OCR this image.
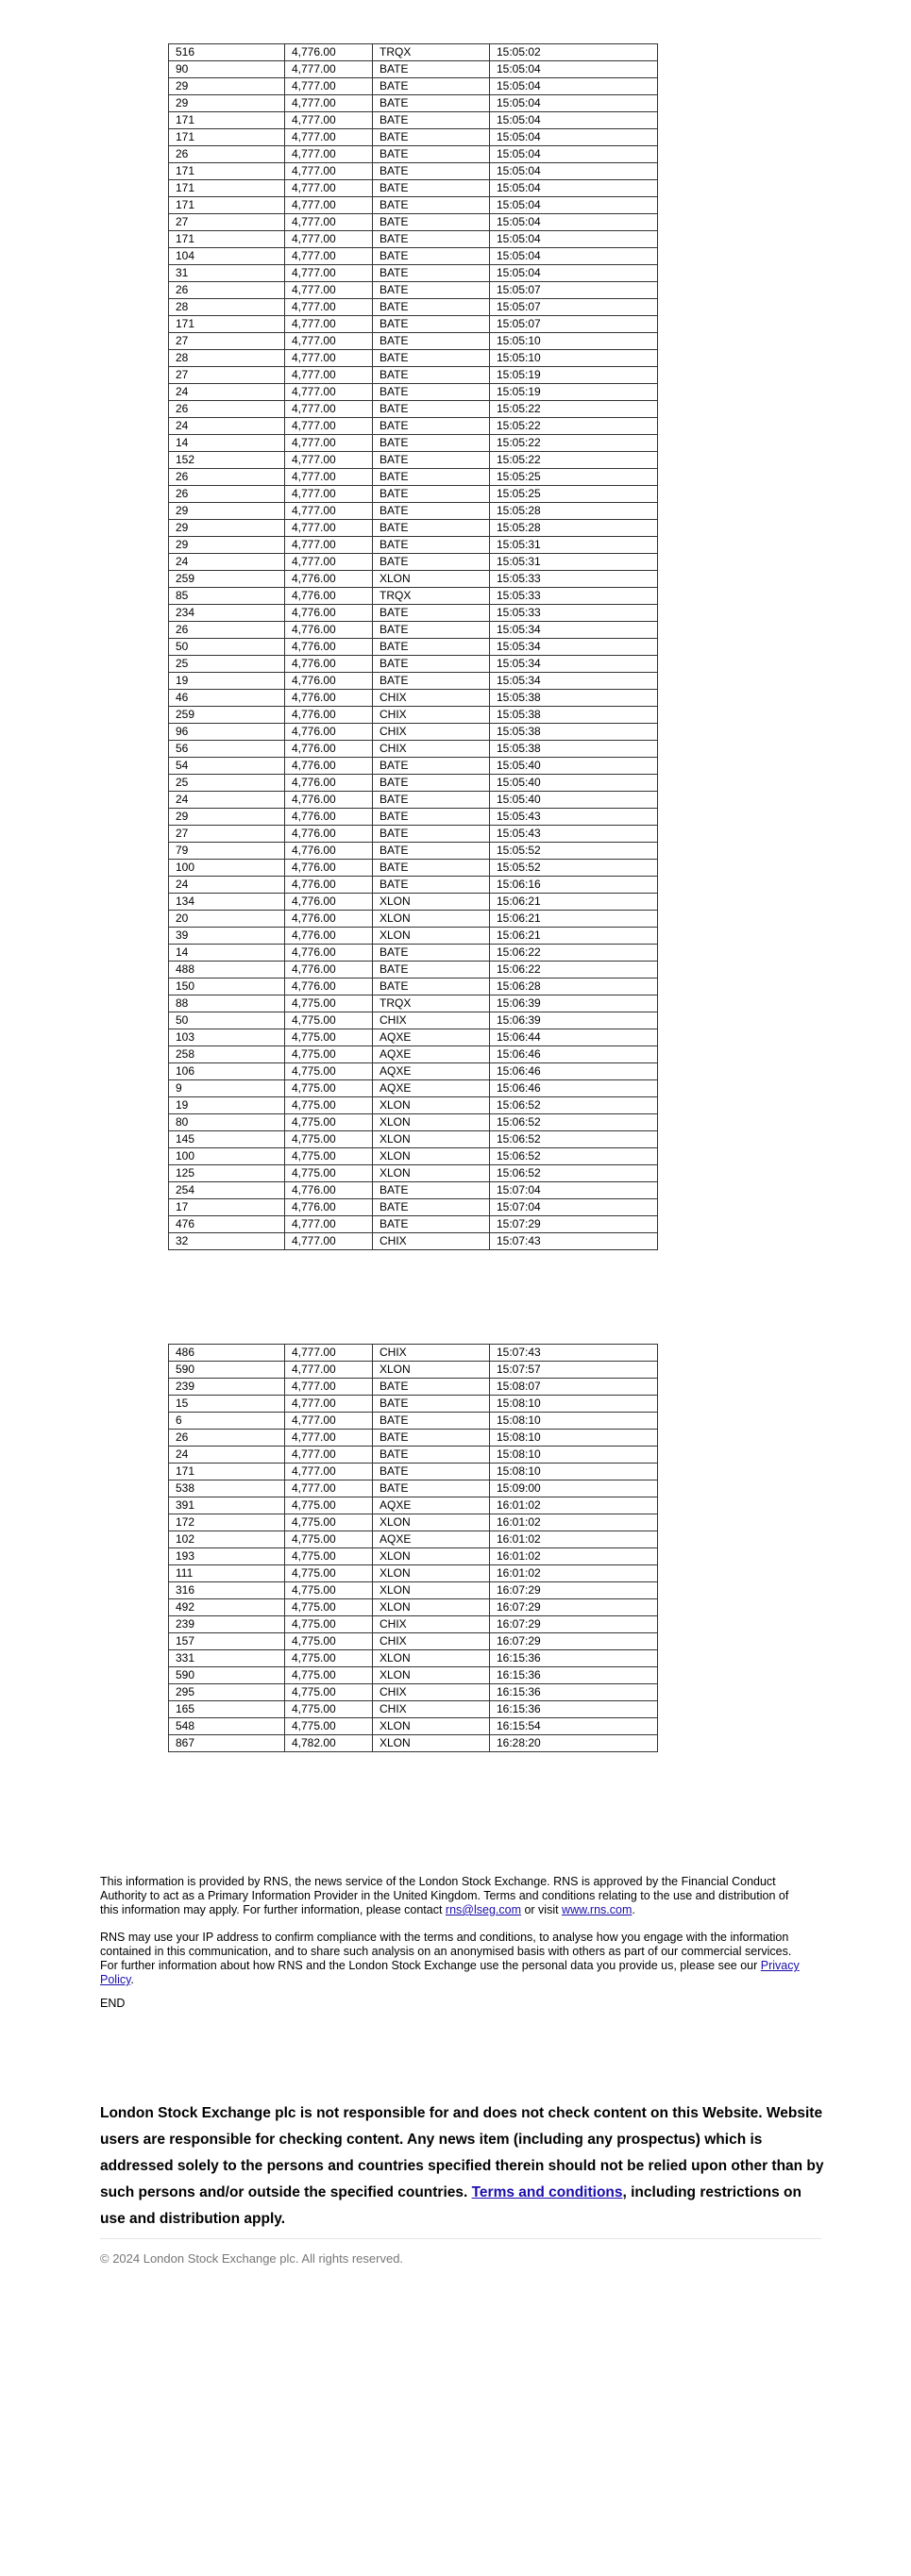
516	4,776.00	TRQX	15:05:02
90	4,777.00	BATE	15:05:04
29	4,777.00	BATE	15:05:04
29	4,777.00	BATE	15:05:04
171	4,777.00	BATE	15:05:04
171	4,777.00	BATE	15:05:04
26	4,777.00	BATE	15:05:04
171	4,777.00	BATE	15:05:04
171	4,777.00	BATE	15:05:04
171	4,777.00	BATE	15:05:04
27	4,777.00	BATE	15:05:04
171	4,777.00	BATE	15:05:04
104	4,777.00	BATE	15:05:04
31	4,777.00	BATE	15:05:04
26	4,777.00	BATE	15:05:07
28	4,777.00	BATE	15:05:07
171	4,777.00	BATE	15:05:07
27	4,777.00	BATE	15:05:10
28	4,777.00	BATE	15:05:10
27	4,777.00	BATE	15:05:19
24	4,777.00	BATE	15:05:19
26	4,777.00	BATE	15:05:22
24	4,777.00	BATE	15:05:22
14	4,777.00	BATE	15:05:22
152	4,777.00	BATE	15:05:22
26	4,777.00	BATE	15:05:25
26	4,777.00	BATE	15:05:25
29	4,777.00	BATE	15:05:28
29	4,777.00	BATE	15:05:28
29	4,777.00	BATE	15:05:31
24	4,777.00	BATE	15:05:31
259	4,776.00	XLON	15:05:33
85	4,776.00	TRQX	15:05:33
234	4,776.00	BATE	15:05:33
26	4,776.00	BATE	15:05:34
50	4,776.00	BATE	15:05:34
25	4,776.00	BATE	15:05:34
19	4,776.00	BATE	15:05:34
46	4,776.00	CHIX	15:05:38
259	4,776.00	CHIX	15:05:38
96	4,776.00	CHIX	15:05:38
56	4,776.00	CHIX	15:05:38
54	4,776.00	BATE	15:05:40
25	4,776.00	BATE	15:05:40
24	4,776.00	BATE	15:05:40
29	4,776.00	BATE	15:05:43
27	4,776.00	BATE	15:05:43
79	4,776.00	BATE	15:05:52
100	4,776.00	BATE	15:05:52
24	4,776.00	BATE	15:06:16
134	4,776.00	XLON	15:06:21
20	4,776.00	XLON	15:06:21
39	4,776.00	XLON	15:06:21
14	4,776.00	BATE	15:06:22
488	4,776.00	BATE	15:06:22
150	4,776.00	BATE	15:06:28
88	4,775.00	TRQX	15:06:39
50	4,775.00	CHIX	15:06:39
103	4,775.00	AQXE	15:06:44
258	4,775.00	AQXE	15:06:46
106	4,775.00	AQXE	15:06:46
9	4,775.00	AQXE	15:06:46
19	4,775.00	XLON	15:06:52
80	4,775.00	XLON	15:06:52
145	4,775.00	XLON	15:06:52
100	4,775.00	XLON	15:06:52
125	4,775.00	XLON	15:06:52
254	4,776.00	BATE	15:07:04
17	4,776.00	BATE	15:07:04
476	4,777.00	BATE	15:07:29
32	4,777.00	CHIX	15:07:43
486	4,777.00	CHIX	15:07:43
590	4,777.00	XLON	15:07:57
239	4,777.00	BATE	15:08:07
15	4,777.00	BATE	15:08:10
6	4,777.00	BATE	15:08:10
26	4,777.00	BATE	15:08:10
24	4,777.00	BATE	15:08:10
171	4,777.00	BATE	15:08:10
538	4,777.00	BATE	15:09:00
391	4,775.00	AQXE	16:01:02
172	4,775.00	XLON	16:01:02
102	4,775.00	AQXE	16:01:02
193	4,775.00	XLON	16:01:02
111	4,775.00	XLON	16:01:02
316	4,775.00	XLON	16:07:29
492	4,775.00	XLON	16:07:29
239	4,775.00	CHIX	16:07:29
157	4,775.00	CHIX	16:07:29
331	4,775.00	XLON	16:15:36
590	4,775.00	XLON	16:15:36
295	4,775.00	CHIX	16:15:36
165	4,775.00	CHIX	16:15:36
548	4,775.00	XLON	16:15:54
867	4,782.00	XLON	16:28:20

This information is provided by RNS, the news service of the London Stock Exchange. RNS is approved by the Financial Conduct Authority to act as a Primary Information Provider in the United Kingdom. Terms and conditions relating to the use and distribution of this information may apply. For further information, please contact rns@lseg.com or visit www.rns.com.

RNS may use your IP address to confirm compliance with the terms and conditions, to analyse how you engage with the information contained in this communication, and to share such analysis on an anonymised basis with others as part of our commercial services. For further information about how RNS and the London Stock Exchange use the personal data you provide us, please see our Privacy Policy.

END

London Stock Exchange plc is not responsible for and does not check content on this Website. Website users are responsible for checking content. Any news item (including any prospectus) which is addressed solely to the persons and countries specified therein should not be relied upon other than by such persons and/or outside the specified countries. Terms and conditions, including restrictions on use and distribution apply.

© 2024 London Stock Exchange plc. All rights reserved.
